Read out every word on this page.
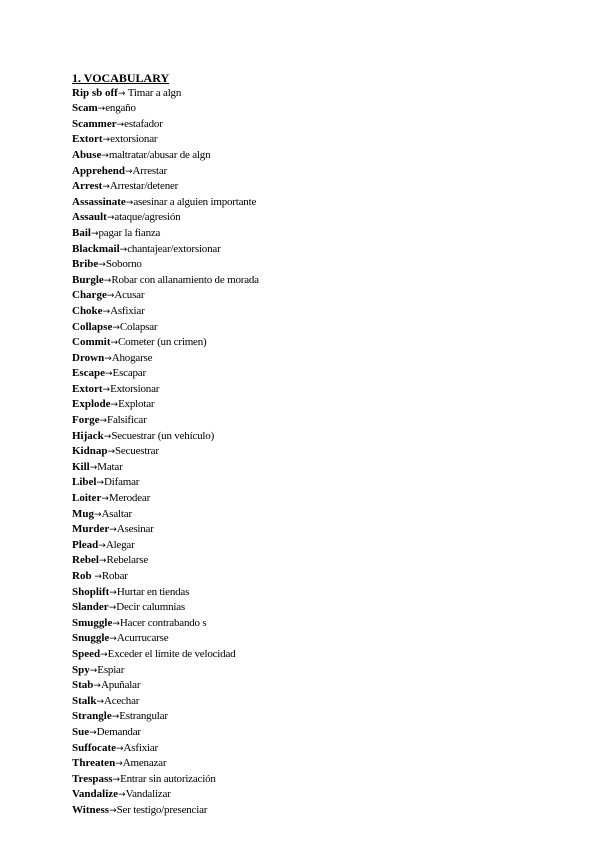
1. VOCABULARY
Rip sb off→ Timar a algn
Scam→engaño
Scammer→estafador
Extort→extorsionar
Abuse→maltratar/abusar de algn
Apprehend→Arrestar
Arrest→Arrestar/detener
Assassinate→asesinar a alguien importante
Assault→ataque/agresión
Bail→pagar la fianza
Blackmail→chantajear/extorsionar
Bribe→Soborno
Burgle→Robar con allanamiento de morada
Charge→Acusar
Choke→Asfixiar
Collapse→Colapsar
Commit→Cometer (un crimen)
Drown→Ahogarse
Escape→Escapar
Extort→Extorsionar
Explode→Explotar
Forge→Falsificar
Hijack→Secuestrar (un vehículo)
Kidnap→Secuestrar
Kill→Matar
Libel→Difamar
Loiter→Merodear
Mug→Asaltar
Murder→Asesinar
Plead→Alegar
Rebel→Rebelarse
Rob →Robar
Shoplift→Hurtar en tiendas
Slander→Decir calumnias
Smuggle→Hacer contrabando s
Snuggle→Acurrucarse
Speed→Exceder el límite de velocidad
Spy→Espiar
Stab→Apuñalar
Stalk→Acechar
Strangle→Estrangular
Sue→Demandar
Suffocate→Asfixiar
Threaten→Amenazar
Trespass→Entrar sin autorización
Vandalize→Vandalizar
Witness→Ser testigo/presenciar
